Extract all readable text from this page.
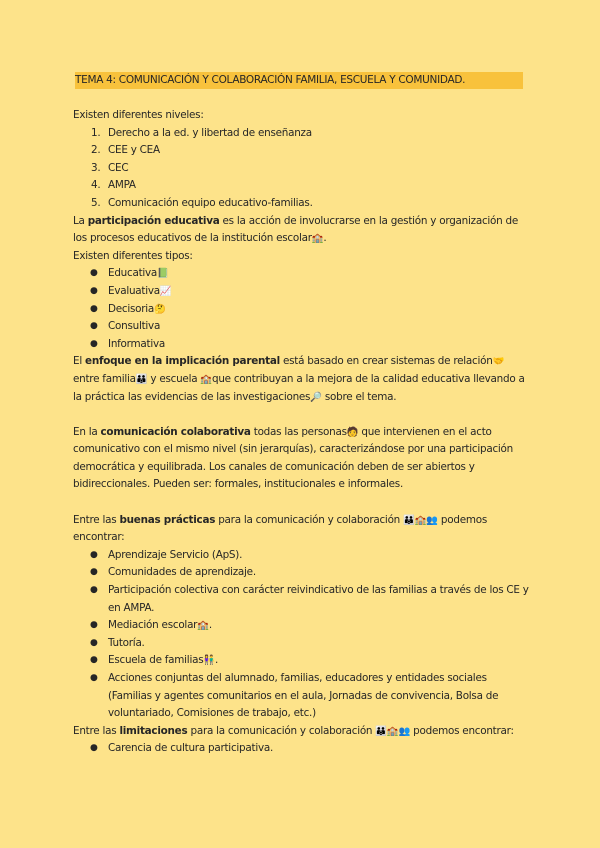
TEMA 4: COMUNICACIÓN Y COLABORACIÓN FAMILIA, ESCUELA Y COMUNIDAD.

Existen diferentes niveles:

1. Derecho a la ed. y libertad de enseñanza
2. CEE y CEA
3. CEC
4. AMPA
5. Comunicación equipo educativo-familias.

La participación educativa es la acción de involucrarse en la gestión y organización de los procesos educativos de la institución escolar🏫.

Existen diferentes tipos:

● Educativa📗
● Evaluativa📈
● Decisoria🤔
● Consultiva
● Informativa

El enfoque en la implicación parental está basado en crear sistemas de relación🤝 entre familia👪 y escuela 🏫que contribuyan a la mejora de la calidad educativa llevando a la práctica las evidencias de las investigaciones🔎 sobre el tema.

En la comunicación colaborativa todas las personas🧑 que intervienen en el acto comunicativo con el mismo nivel (sin jerarquías), caracterizándose por una participación democrática y equilibrada. Los canales de comunicación deben de ser abiertos y bidireccionales. Pueden ser: formales, institucionales e informales.

Entre las buenas prácticas para la comunicación y colaboración 👪🏫👥 podemos encontrar:

● Aprendizaje Servicio (ApS).
● Comunidades de aprendizaje.
● Participación colectiva con carácter reivindicativo de las familias a través de los CE y en AMPA.
● Mediación escolar🏫.
● Tutoría.
● Escuela de familias👫.
● Acciones conjuntas del alumnado, familias, educadores y entidades sociales (Familias y agentes comunitarios en el aula, Jornadas de convivencia, Bolsa de voluntariado, Comisiones de trabajo, etc.)

Entre las limitaciones para la comunicación y colaboración 👪🏫👥 podemos encontrar:

● Carencia de cultura participativa.
